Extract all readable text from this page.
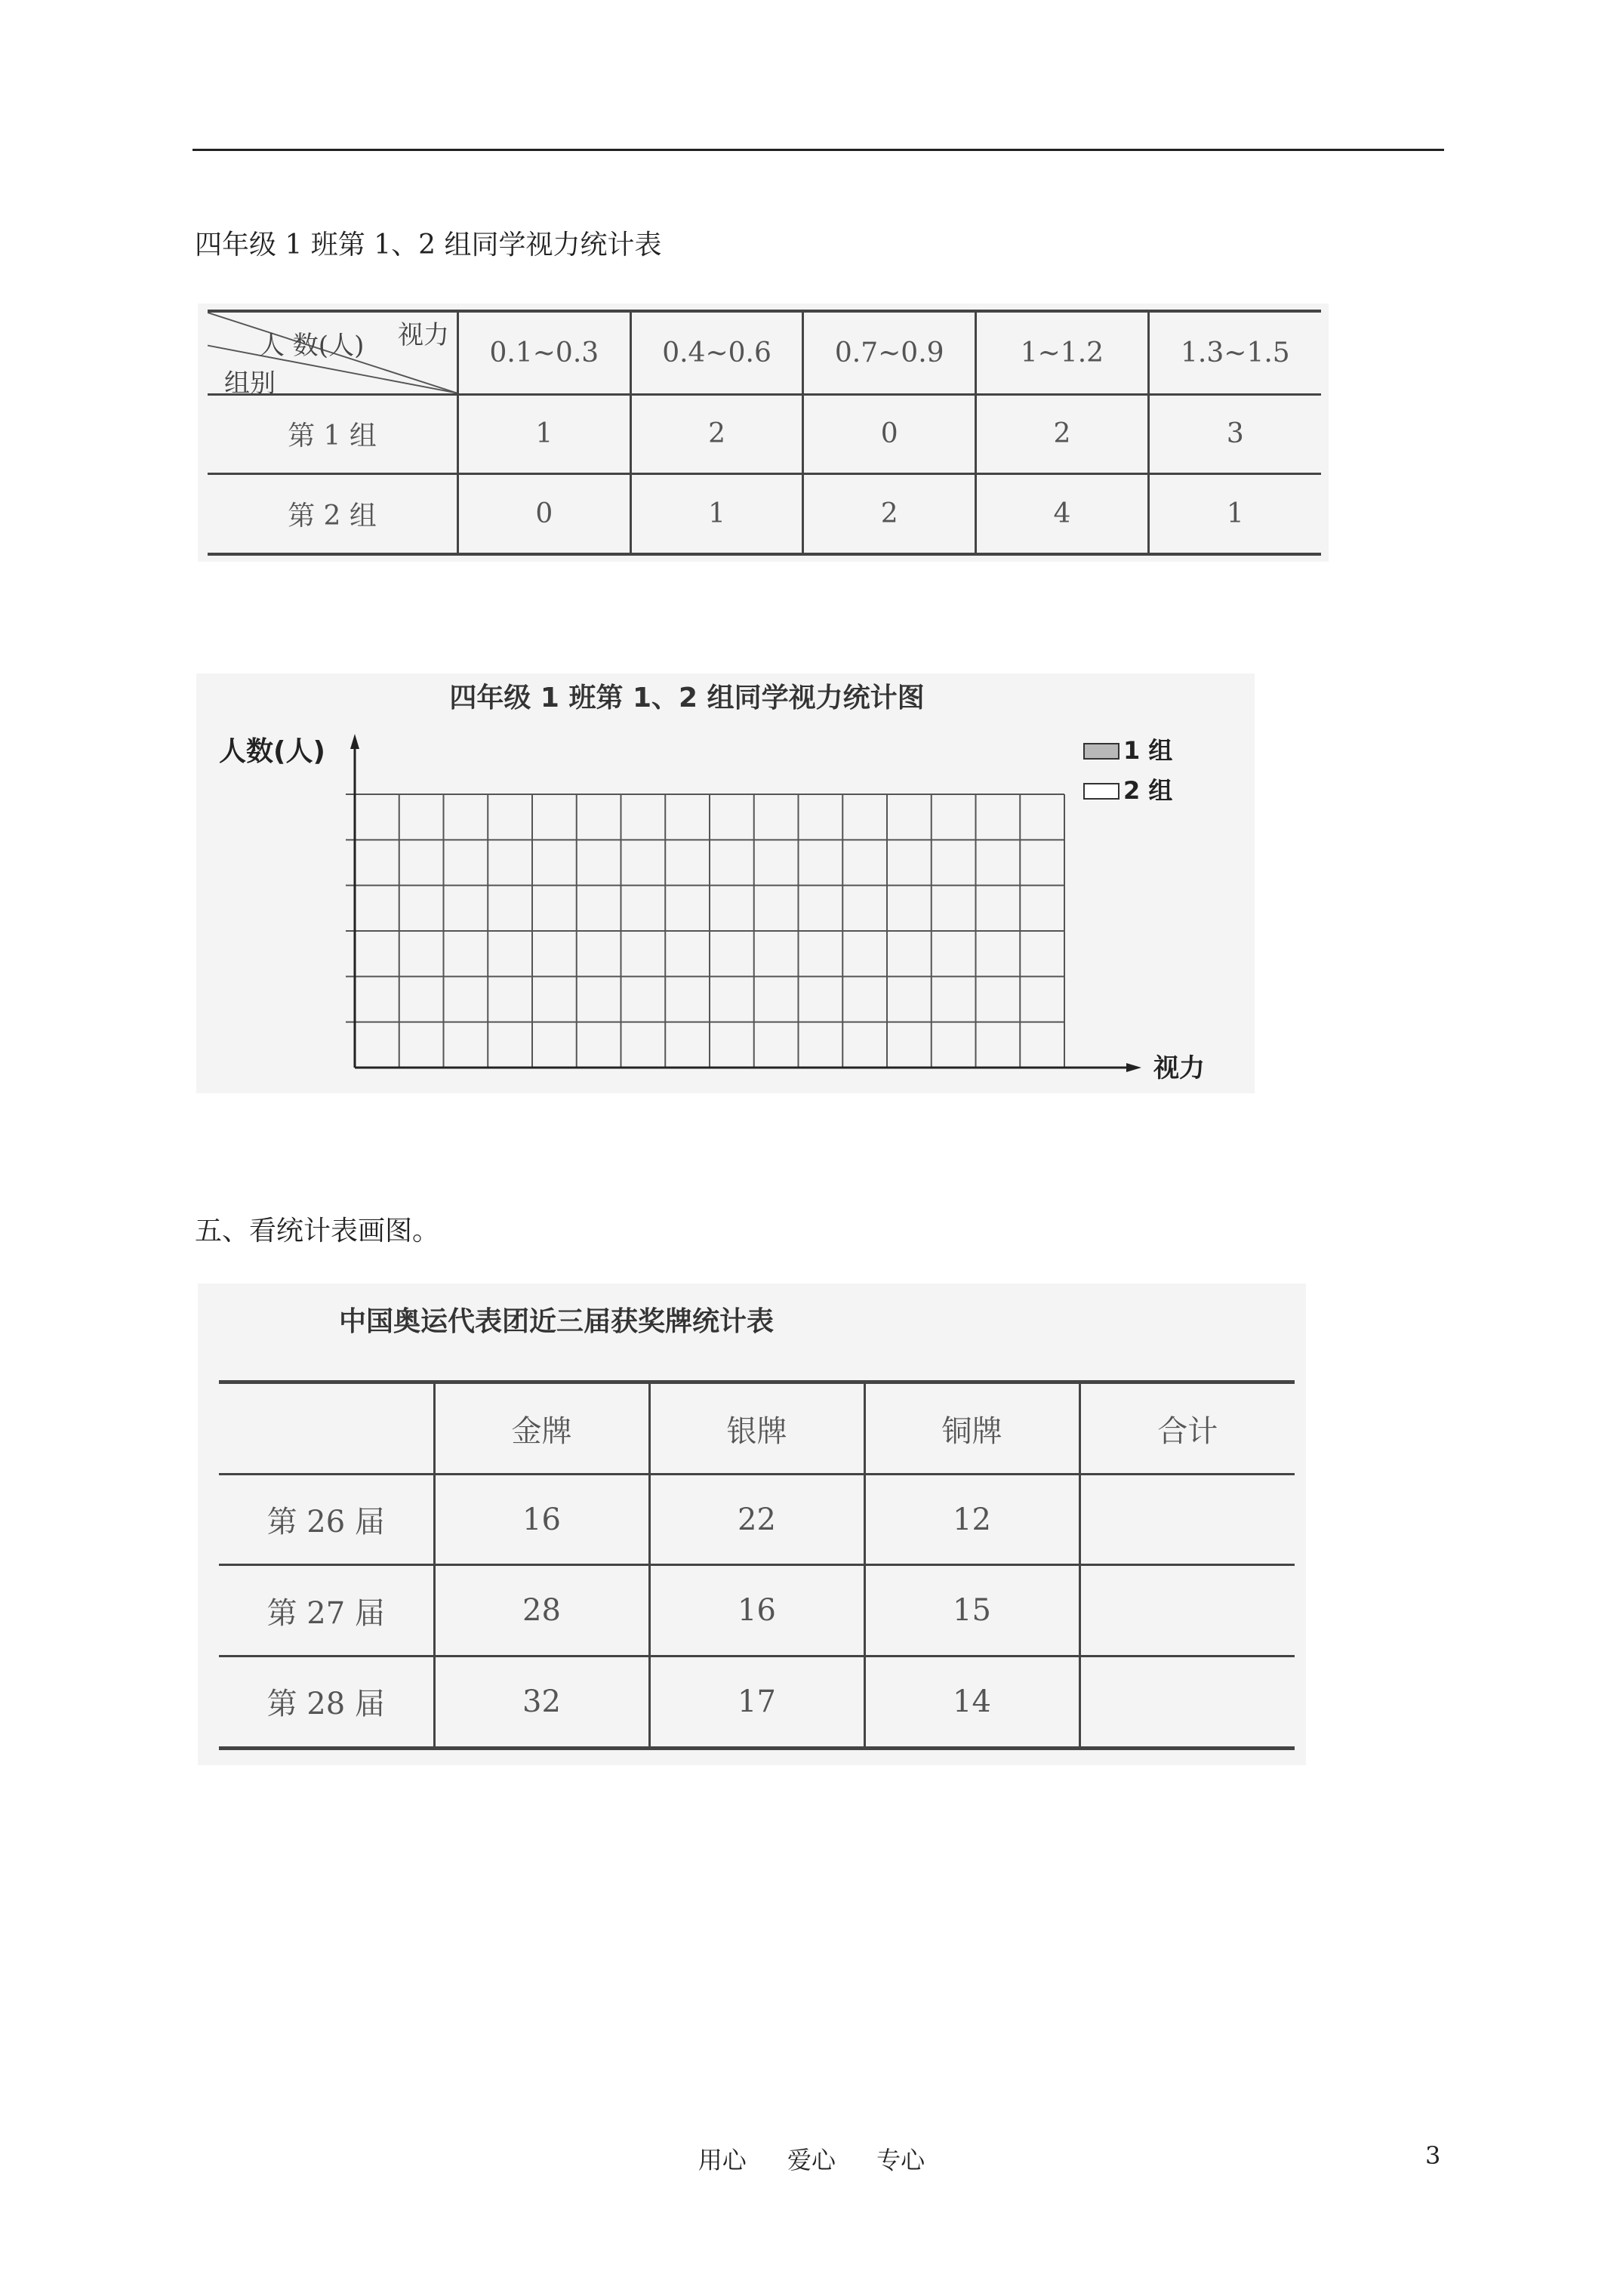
四年级 1 班第 1、2 组同学视力统计表
视力
人 数(人)
组别	0.1~0.3	0.4~0.6	0.7~0.9	1~1.2	1.3~1.5
第 1 组	1	2	0	2	3
第 2 组	0	1	2	4	1
四年级 1 班第 1、2 组同学视力统计图
人数(人)
视力
1 组
2 组
五、看统计表画图。
中国奥运代表团近三届获奖牌统计表
	金牌	银牌	铜牌	合计
第 26 届	16	22	12	
第 27 届	28	16	15	
第 28 届	32	17	14	
用心 爱心 专心	3
